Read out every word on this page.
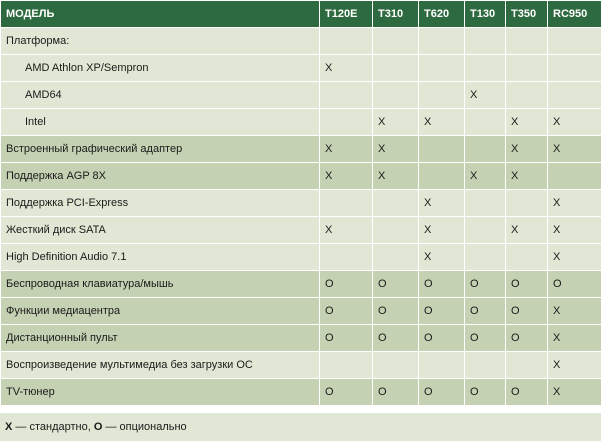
МОДЕЛЬ	T120E	T310	T620	T130	T350	RC950
Платформа:						
AMD Athlon XP/Sempron	X					
AMD64				X		
Intel		X	X		X	X
Встроенный графический адаптер	X	X			X	X
Поддержка AGP 8X	X	X		X	X	
Поддержка PCI-Express			X			X
Жесткий диск SATA	X		X		X	X
High Definition Audio 7.1			X			X
Беспроводная клавиатура/мышь	O	O	O	O	O	O
Функции медиацентра	O	O	O	O	O	X
Дистанционный пульт	O	O	O	O	O	X
Воспроизведение мультимедиа без загрузки ОС						X
TV-тюнер	O	O	O	O	O	X
X — стандартно, O — опционально
